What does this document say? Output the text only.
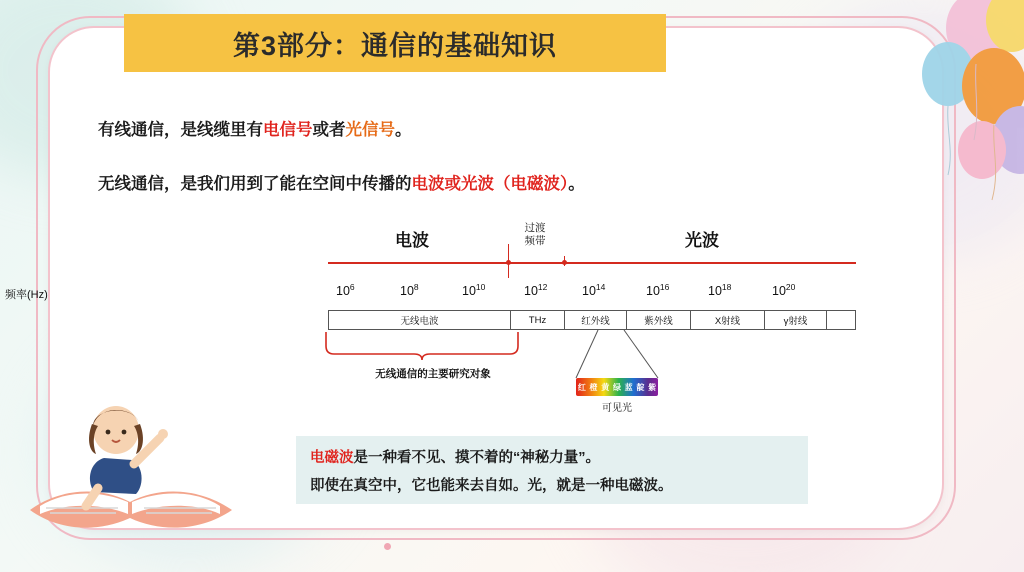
第3部分：通信的基础知识
有线通信，是线缆里有电信号或者光信号。
无线通信，是我们用到了能在空间中传播的电波或光波（电磁波）。
电波	光波
过渡
频带
频率(Hz)	$10^6$	$10^8$	$10^{10}$	$10^{12}$	$10^{14}$	$10^{16}$	$10^{18}$	$10^{20}$
无线电波	THz	红外线	紫外线	X射线	γ射线
无线通信的主要研究对象
红 橙 黄 绿 蓝 靛 紫
可见光

电磁波是一种看不见、摸不着的“神秘力量”。

即使在真空中，它也能来去自如。光，就是一种电磁波。
